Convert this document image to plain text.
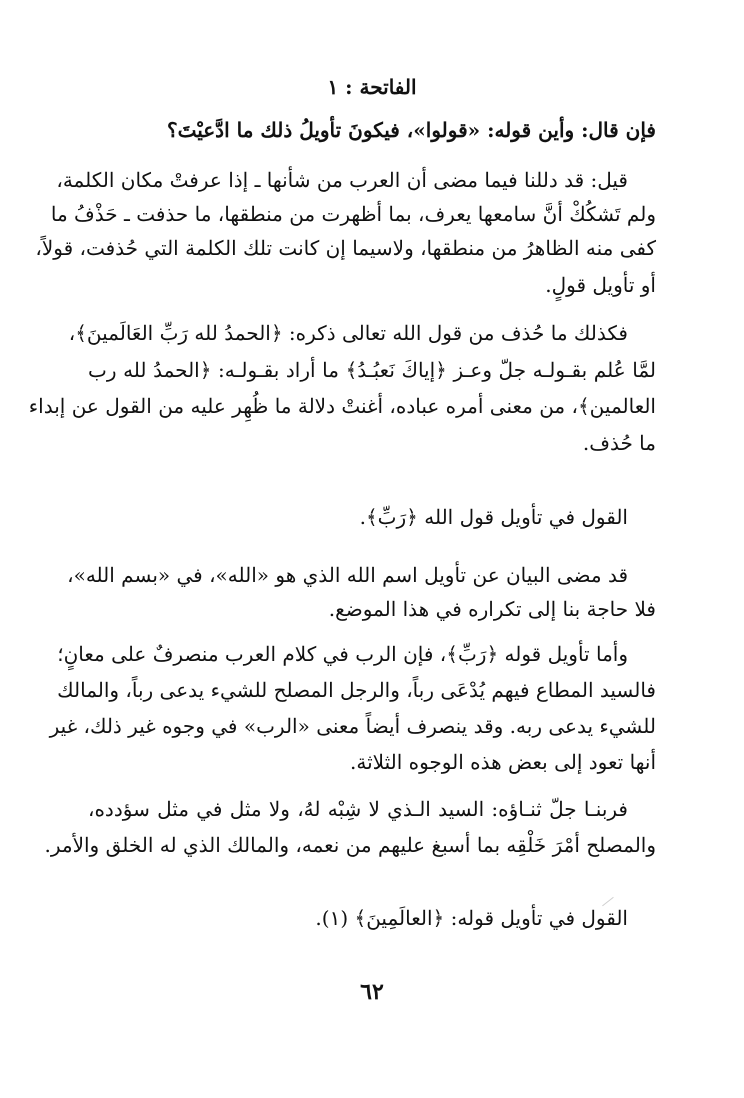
الفاتحة : ١
فإن قال: وأين قوله: «قولوا»، فيكونَ تأويلُ ذلك ما ادَّعيْتَ؟
قيل: قد دللنا فيما مضى أن العرب من شأنها ـ إذا عرفتْ مكان الكلمة،
ولم تَشكُكْ أنَّ سامعها يعرف، بما أظهرت من منطقها، ما حذفت ـ حَذْفُ ما
كفى منه الظاهرُ من منطقها، ولاسيما إن كانت تلك الكلمة التي حُذفت، قولاً،
أو تأويل قولٍ.
فكذلك ما حُذف من قول الله تعالى ذكره: ﴿الحمدُ لله رَبِّ العَالَمينَ﴾،
لمَّا عُلم بقـولـه جلّ وعـز ﴿إياكَ نَعبُـدُ﴾ ما أراد بقـولـه: ﴿الحمدُ لله رب
العالمين﴾، من معنى أمره عباده، أغنتْ دلالة ما ظُهِر عليه من القول عن إبداء
ما حُذف.
القول في تأويل قول الله ﴿رَبِّ﴾.
قد مضى البيان عن تأويل اسم الله الذي هو «الله»، في «بسم الله»،
فلا حاجة بنا إلى تكراره في هذا الموضع.
وأما تأويل قوله ﴿رَبِّ﴾، فإن الرب في كلام العرب منصرفٌ على معانٍ؛
فالسيد المطاع فيهم يُدْعَى رباً، والرجل المصلح للشيء يدعى رباً، والمالك
للشيء يدعى ربه. وقد ينصرف أيضاً معنى «الرب» في وجوه غير ذلك، غير
أنها تعود إلى بعض هذه الوجوه الثلاثة.
فربنـا جلّ ثنـاؤه: السيد الـذي لا شِبْه لهُ، ولا مثل في مثل سؤدده،
والمصلح أمْرَ خَلْقِه بما أسبغ عليهم من نعمه، والمالك الذي له الخلق والأمر.
القول في تأويل قوله: ﴿العالَمِينَ﴾ (١).
٦٢
